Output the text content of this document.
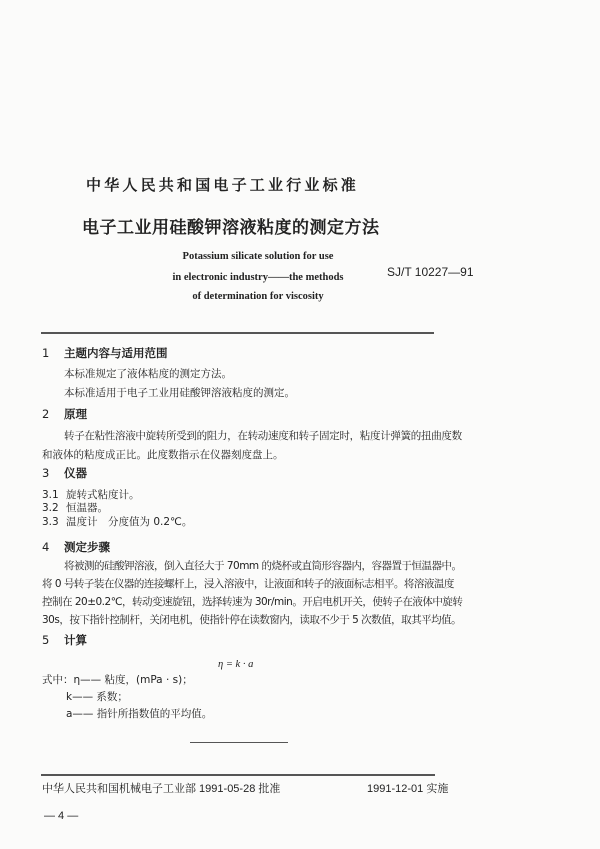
中华人民共和国电子工业行业标准
电子工业用硅酸钾溶液粘度的测定方法
Potassium silicate solution for use
in electronic industry——the methods
of determination for viscosity
SJ/T 10227—91
1 主题内容与适用范围
本标准规定了液体粘度的测定方法。
本标准适用于电子工业用硅酸钾溶液粘度的测定。
2 原理
转子在粘性溶液中旋转所受到的阻力，在转动速度和转子固定时，粘度计弹簧的扭曲度数
和液体的粘度成正比。此度数指示在仪器刻度盘上。
3 仪器
3.1 旋转式粘度计。
3.2 恒温器。
3.3 温度计　分度值为 0.2℃。
4 测定步骤
将被测的硅酸钾溶液，倒入直径大于 70mm 的烧杯或直筒形容器内，容器置于恒温器中。
将 0 号转子装在仪器的连接螺杆上，浸入溶液中，让液面和转子的液面标志相平。将溶液温度
控制在 20±0.2℃，转动变速旋钮，选择转速为 30r/min。开启电机开关，使转子在液体中旋转
30s，按下指针控制杆，关闭电机，使指针停在读数窗内，读取不少于 5 次数值，取其平均值。
5 计算
η = k · a
式中：η—— 粘度，(mPa · s)；
k—— 系数；
a—— 指针所指数值的平均值。
中华人民共和国机械电子工业部 1991-05-28 批准	1991-12-01 实施
— 4 —
